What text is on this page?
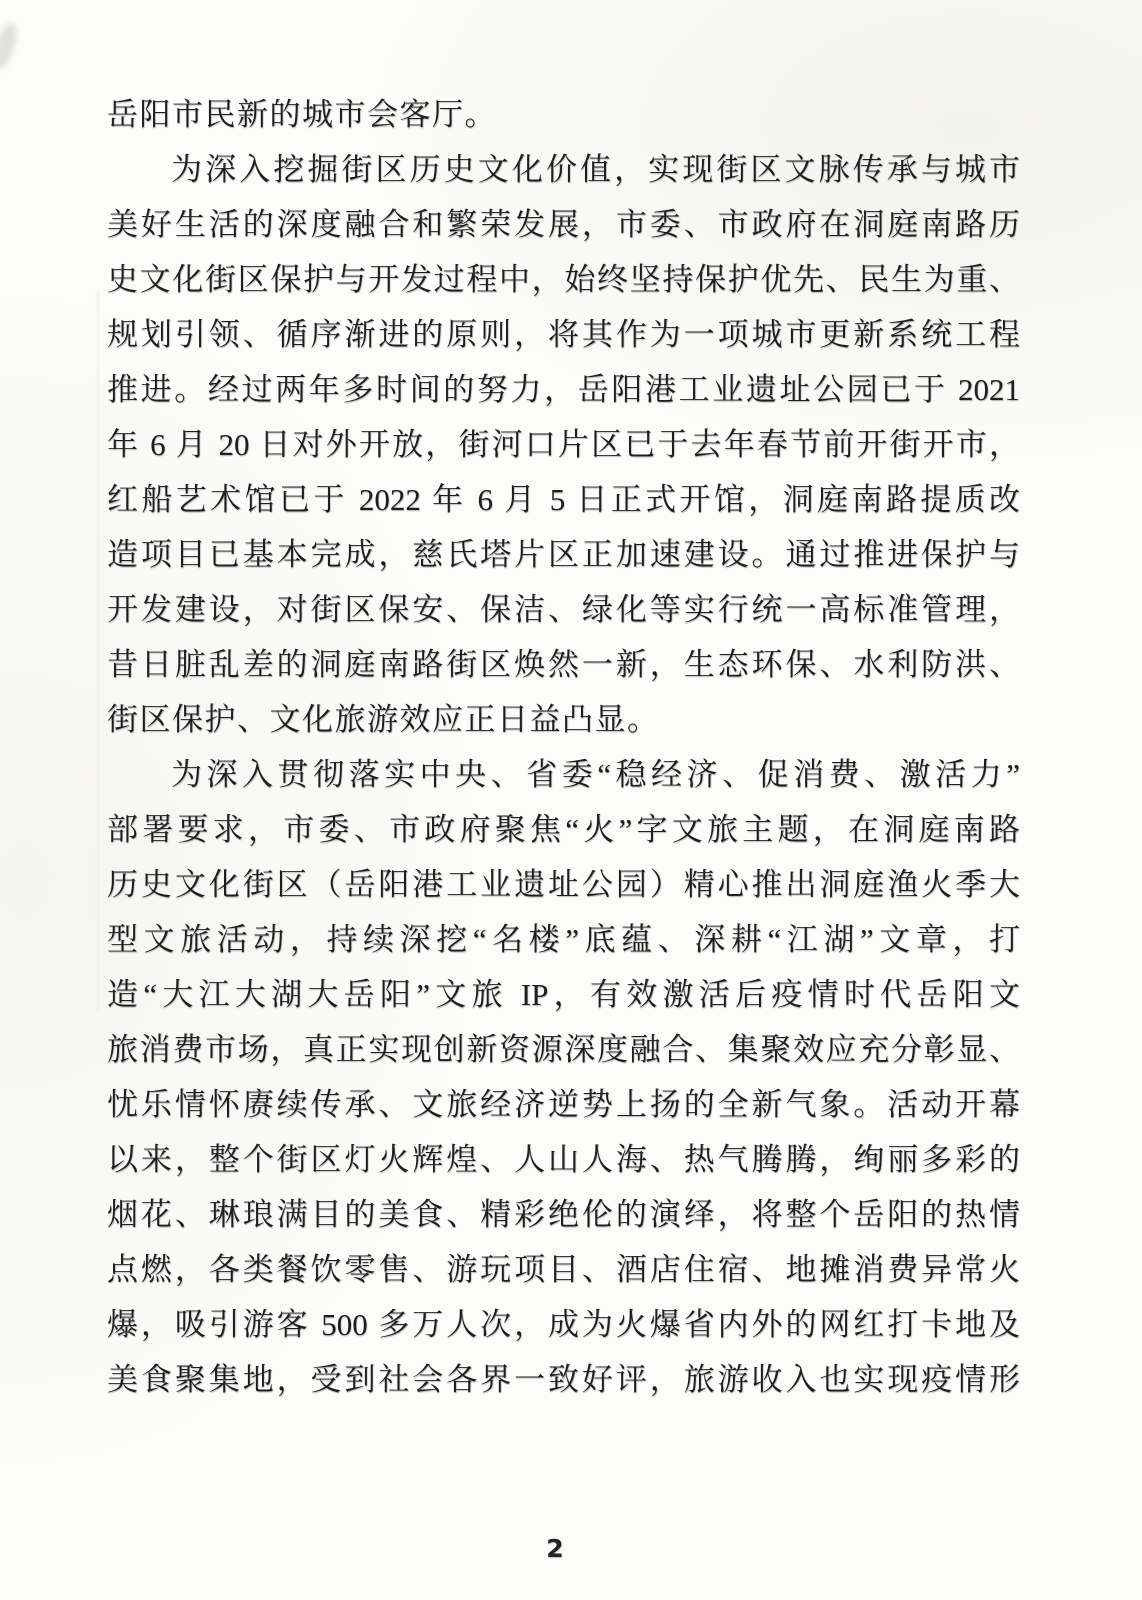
岳阳市民新的城市会客厅。
为深入挖掘街区历史文化价值，实现街区文脉传承与城市
美好生活的深度融合和繁荣发展，市委、市政府在洞庭南路历
史文化街区保护与开发过程中，始终坚持保护优先、民生为重、
规划引领、循序渐进的原则，将其作为一项城市更新系统工程
推进。经过两年多时间的努力，岳阳港工业遗址公园已于 2021
年 6 月 20 日对外开放，街河口片区已于去年春节前开街开市，
红船艺术馆已于 2022 年 6 月 5 日正式开馆，洞庭南路提质改
造项目已基本完成，慈氏塔片区正加速建设。通过推进保护与
开发建设，对街区保安、保洁、绿化等实行统一高标准管理，
昔日脏乱差的洞庭南路街区焕然一新，生态环保、水利防洪、
街区保护、文化旅游效应正日益凸显。
为深入贯彻落实中央、省委“稳经济、促消费、激活力”
部署要求，市委、市政府聚焦“火”字文旅主题，在洞庭南路
历史文化街区（岳阳港工业遗址公园）精心推出洞庭渔火季大
型文旅活动，持续深挖“名楼”底蕴、深耕“江湖”文章，打
造“大江大湖大岳阳”文旅 IP，有效激活后疫情时代岳阳文
旅消费市场，真正实现创新资源深度融合、集聚效应充分彰显、
忧乐情怀赓续传承、文旅经济逆势上扬的全新气象。活动开幕
以来，整个街区灯火辉煌、人山人海、热气腾腾，绚丽多彩的
烟花、琳琅满目的美食、精彩绝伦的演绎，将整个岳阳的热情
点燃，各类餐饮零售、游玩项目、酒店住宿、地摊消费异常火
爆，吸引游客 500 多万人次，成为火爆省内外的网红打卡地及
美食聚集地，受到社会各界一致好评，旅游收入也实现疫情形
2
